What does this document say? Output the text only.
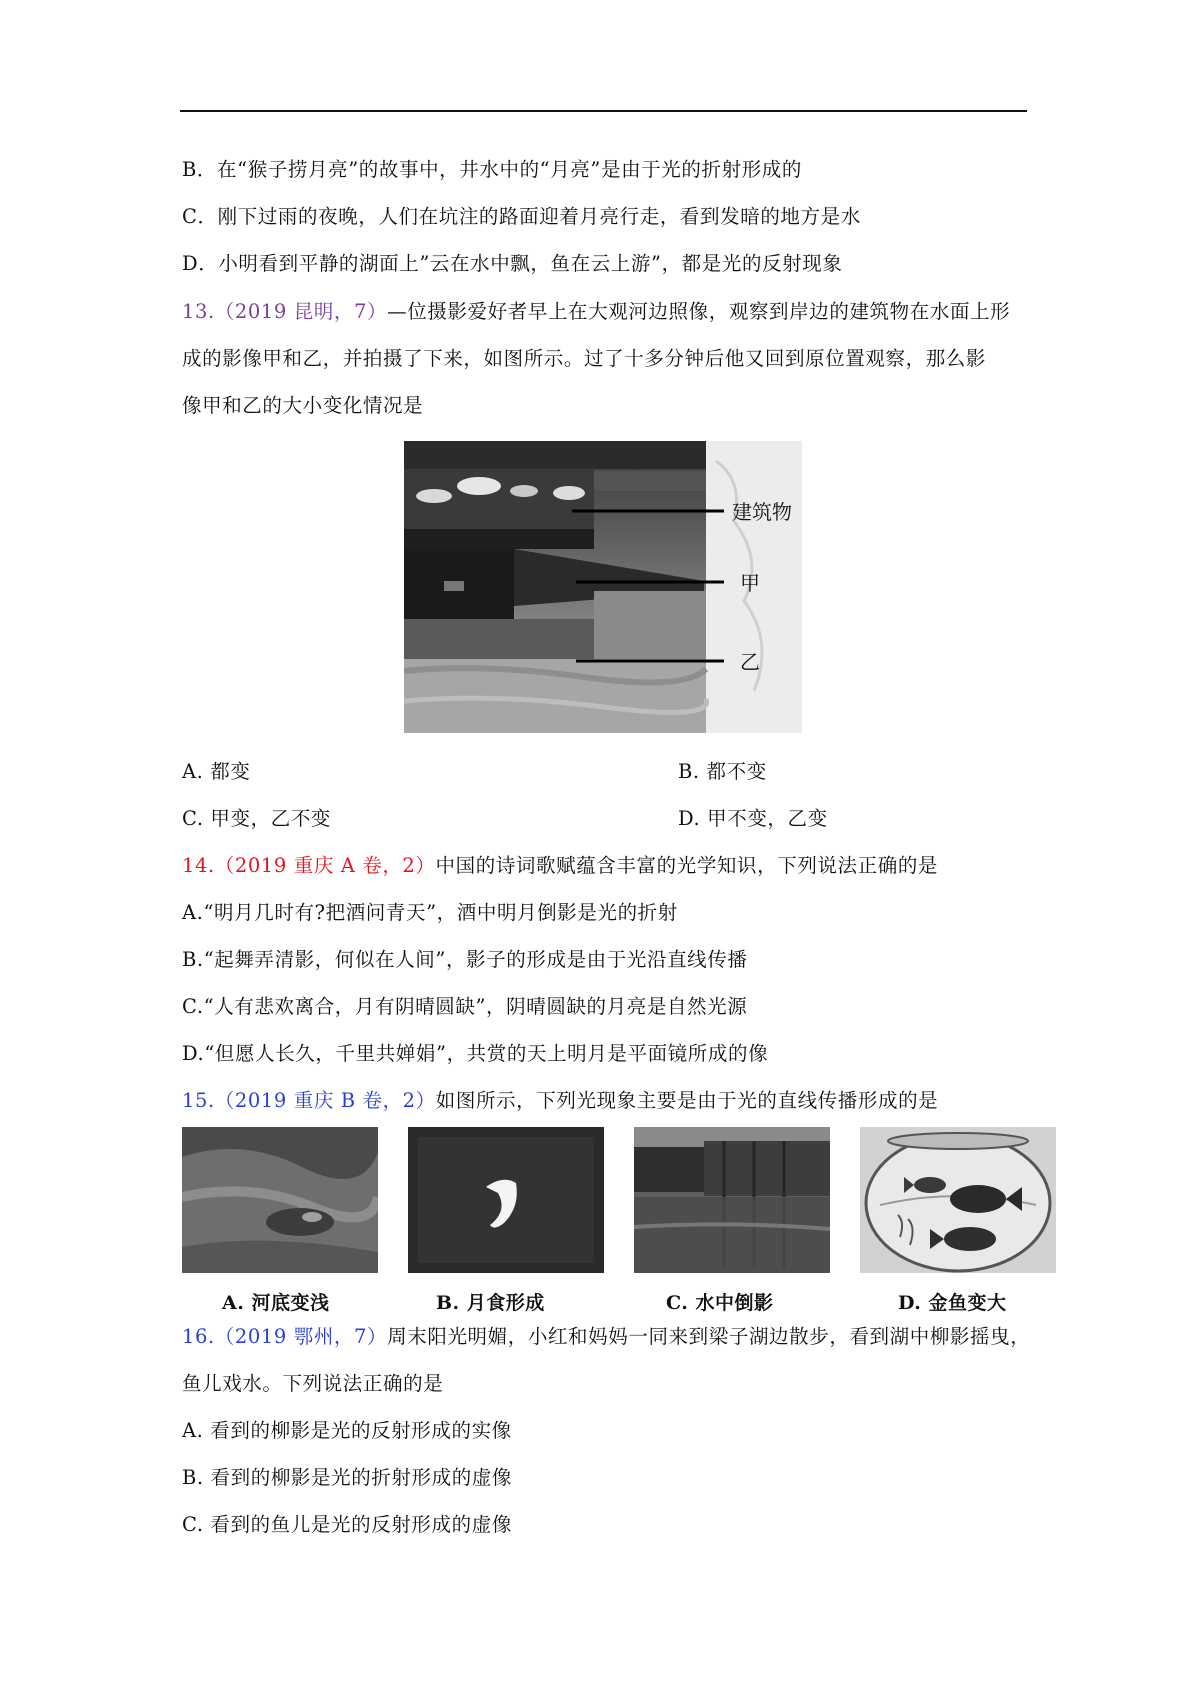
B．在“猴子捞月亮”的故事中，井水中的“月亮”是由于光的折射形成的
C．刚下过雨的夜晚，人们在坑注的路面迎着月亮行走，看到发暗的地方是水
D．小明看到平静的湖面上”云在水中飘，鱼在云上游”，都是光的反射现象
13.（2019 昆明，7）—位摄影爱好者早上在大观河边照像，观察到岸边的建筑物在水面上形
成的影像甲和乙，并拍摄了下来，如图所示。过了十多分钟后他又回到原位置观察，那么影
像甲和乙的大小变化情况是
建筑物
甲
乙
A. 都变	B. 都不变
C. 甲变，乙不变	D. 甲不变，乙变
14.（2019 重庆 A 卷，2）中国的诗词歌赋蕴含丰富的光学知识，下列说法正确的是
A.“明月几时有?把酒问青天”，酒中明月倒影是光的折射
B.“起舞弄清影，何似在人间”，影子的形成是由于光沿直线传播
C.“人有悲欢离合，月有阴晴圆缺”，阴晴圆缺的月亮是自然光源
D.“但愿人长久，千里共婵娟”，共赏的天上明月是平面镜所成的像
15.（2019 重庆 B 卷，2）如图所示，下列光现象主要是由于光的直线传播形成的是
A. 河底变浅	B. 月食形成	C. 水中倒影	D. 金鱼变大
16.（2019 鄂州，7）周末阳光明媚，小红和妈妈一同来到梁子湖边散步，看到湖中柳影摇曳，
鱼儿戏水。下列说法正确的是
A. 看到的柳影是光的反射形成的实像
B. 看到的柳影是光的折射形成的虚像
C. 看到的鱼儿是光的反射形成的虚像
